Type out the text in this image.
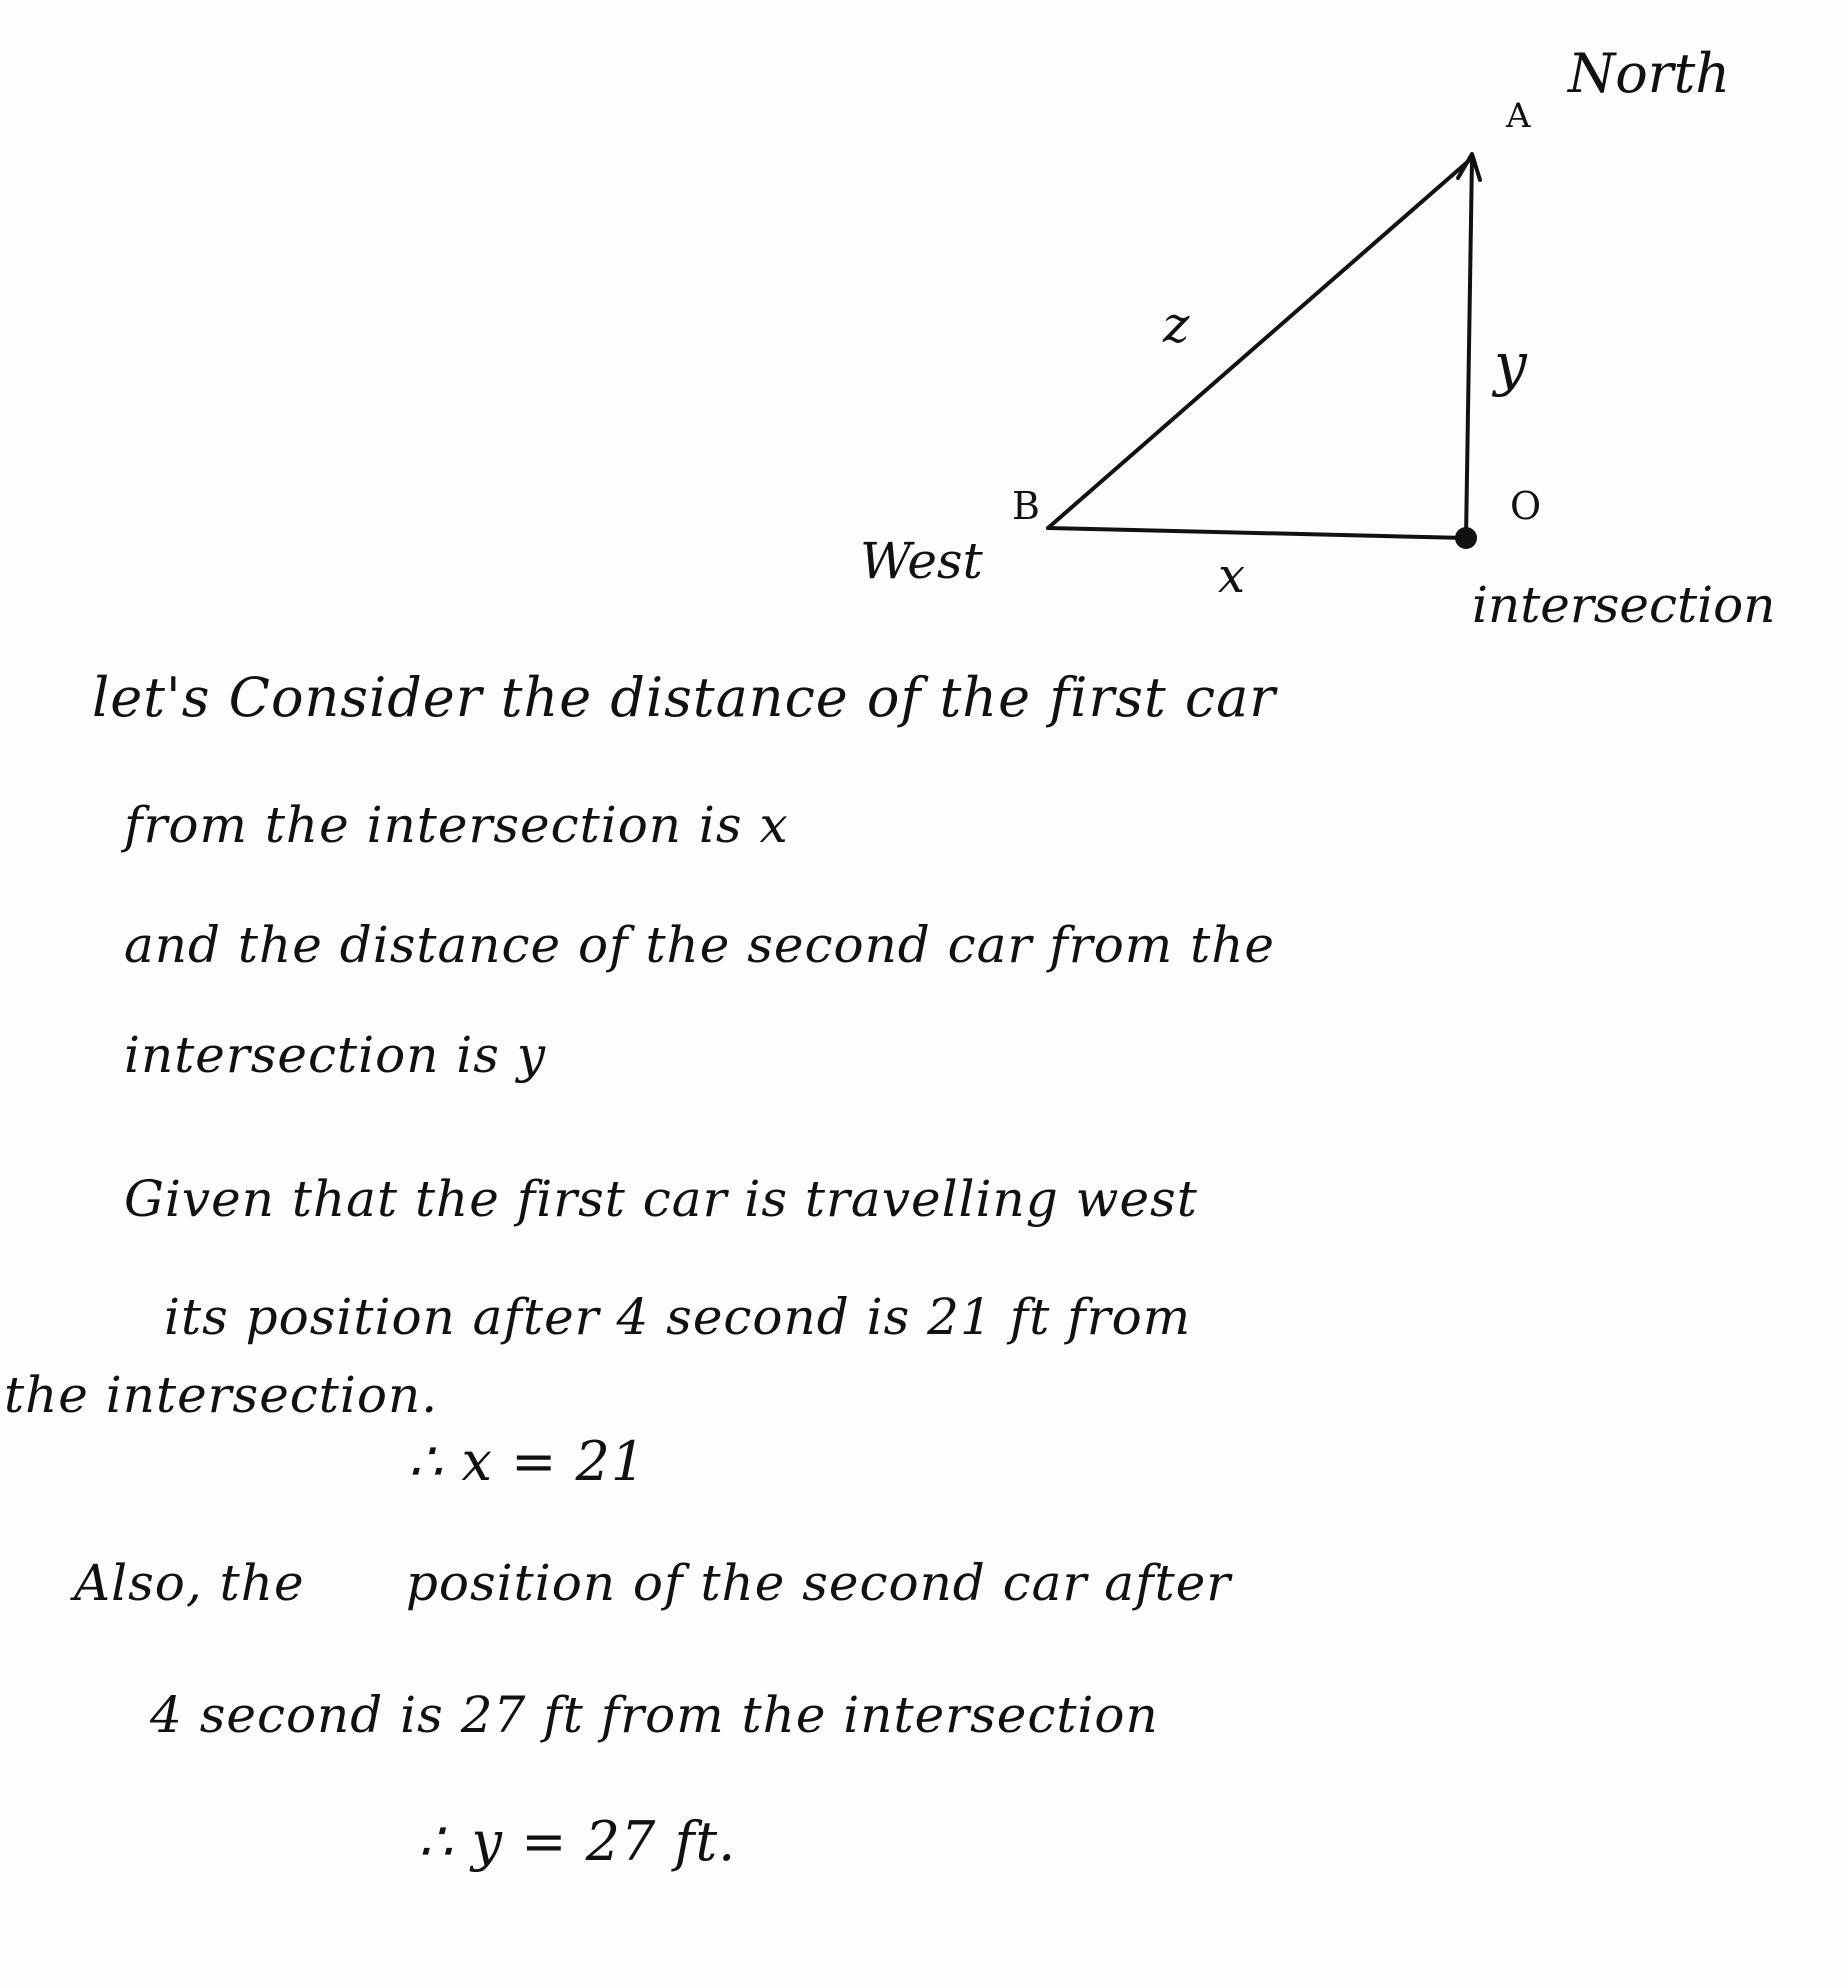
North
A
z
y
B	O
West	x	intersection
let's Consider the distance of the first car
from the intersection is x
and the distance of the second car from the
intersection is y
Given that the first car is travelling west
its position after 4 second is 21 ft from
the intersection.
∴ x = 21
Also, the      position of the second car after
4 second is 27 ft from the intersection
∴ y = 27 ft.
